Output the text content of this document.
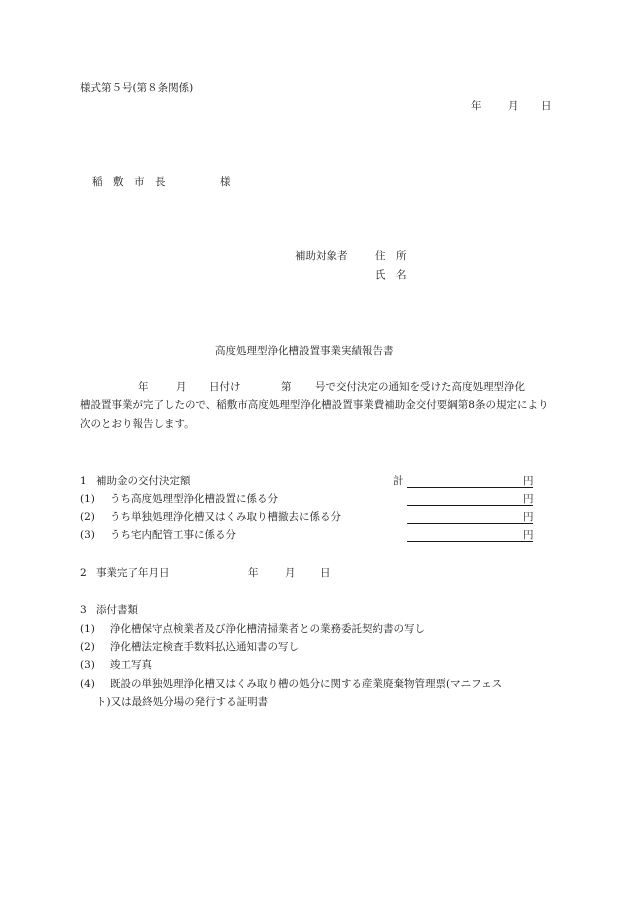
様式第５号(第８条関係)
年	月 日
稲　敷　市　長	様
補助対象者	住　所
氏　名
高度処理型浄化槽設置事業実績報告書
年	月 日付け	第 号で交付決定の通知を受けた高度処理型浄化
槽設置事業が完了したので、稲敷市高度処理型浄化槽設置事業費補助金交付要綱第8条の規定により次のとおり報告します。
1 補助金の交付決定額	計	円
(1) うち高度処理型浄化槽設置に係る分	円
(2) うち単独処理浄化槽又はくみ取り槽撤去に係る分	円
(3) うち宅内配管工事に係る分	円
2 事業完了年月日	年	月 日
3 添付書類
(1) 浄化槽保守点検業者及び浄化槽清掃業者との業務委託契約書の写し
(2) 浄化槽法定検査手数料払込通知書の写し
(3) 竣工写真
(4) 既設の単独処理浄化槽又はくみ取り槽の処分に関する産業廃棄物管理票(マニフェス
ト)又は最終処分場の発行する証明書
